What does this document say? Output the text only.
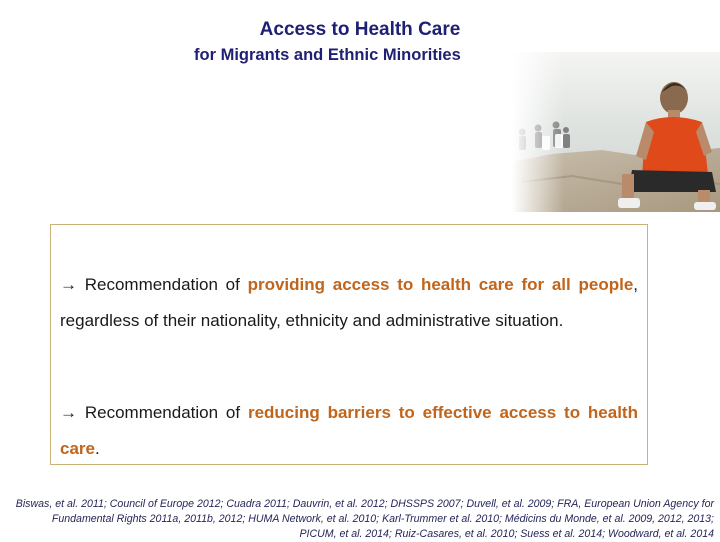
Access to Health Care
for Migrants and Ethnic Minorities

→ Recommendation of providing access to health care for all people, regardless of their nationality, ethnicity and administrative situation.

→ Recommendation of reducing barriers to effective access to health care.

Biswas, et al. 2011; Council of Europe 2012; Cuadra 2011; Dauvrin, et al. 2012; DHSSPS 2007; Duvell, et al. 2009; FRA, European Union Agency for Fundamental Rights 2011a, 2011b, 2012; HUMA Network, et al. 2010; Karl-Trummer et al. 2010; Médicins du Monde, et al. 2009, 2012, 2013; PICUM, et al. 2014; Ruiz-Casares, et al. 2010; Suess et al. 2014; Woodward, et al. 2014
